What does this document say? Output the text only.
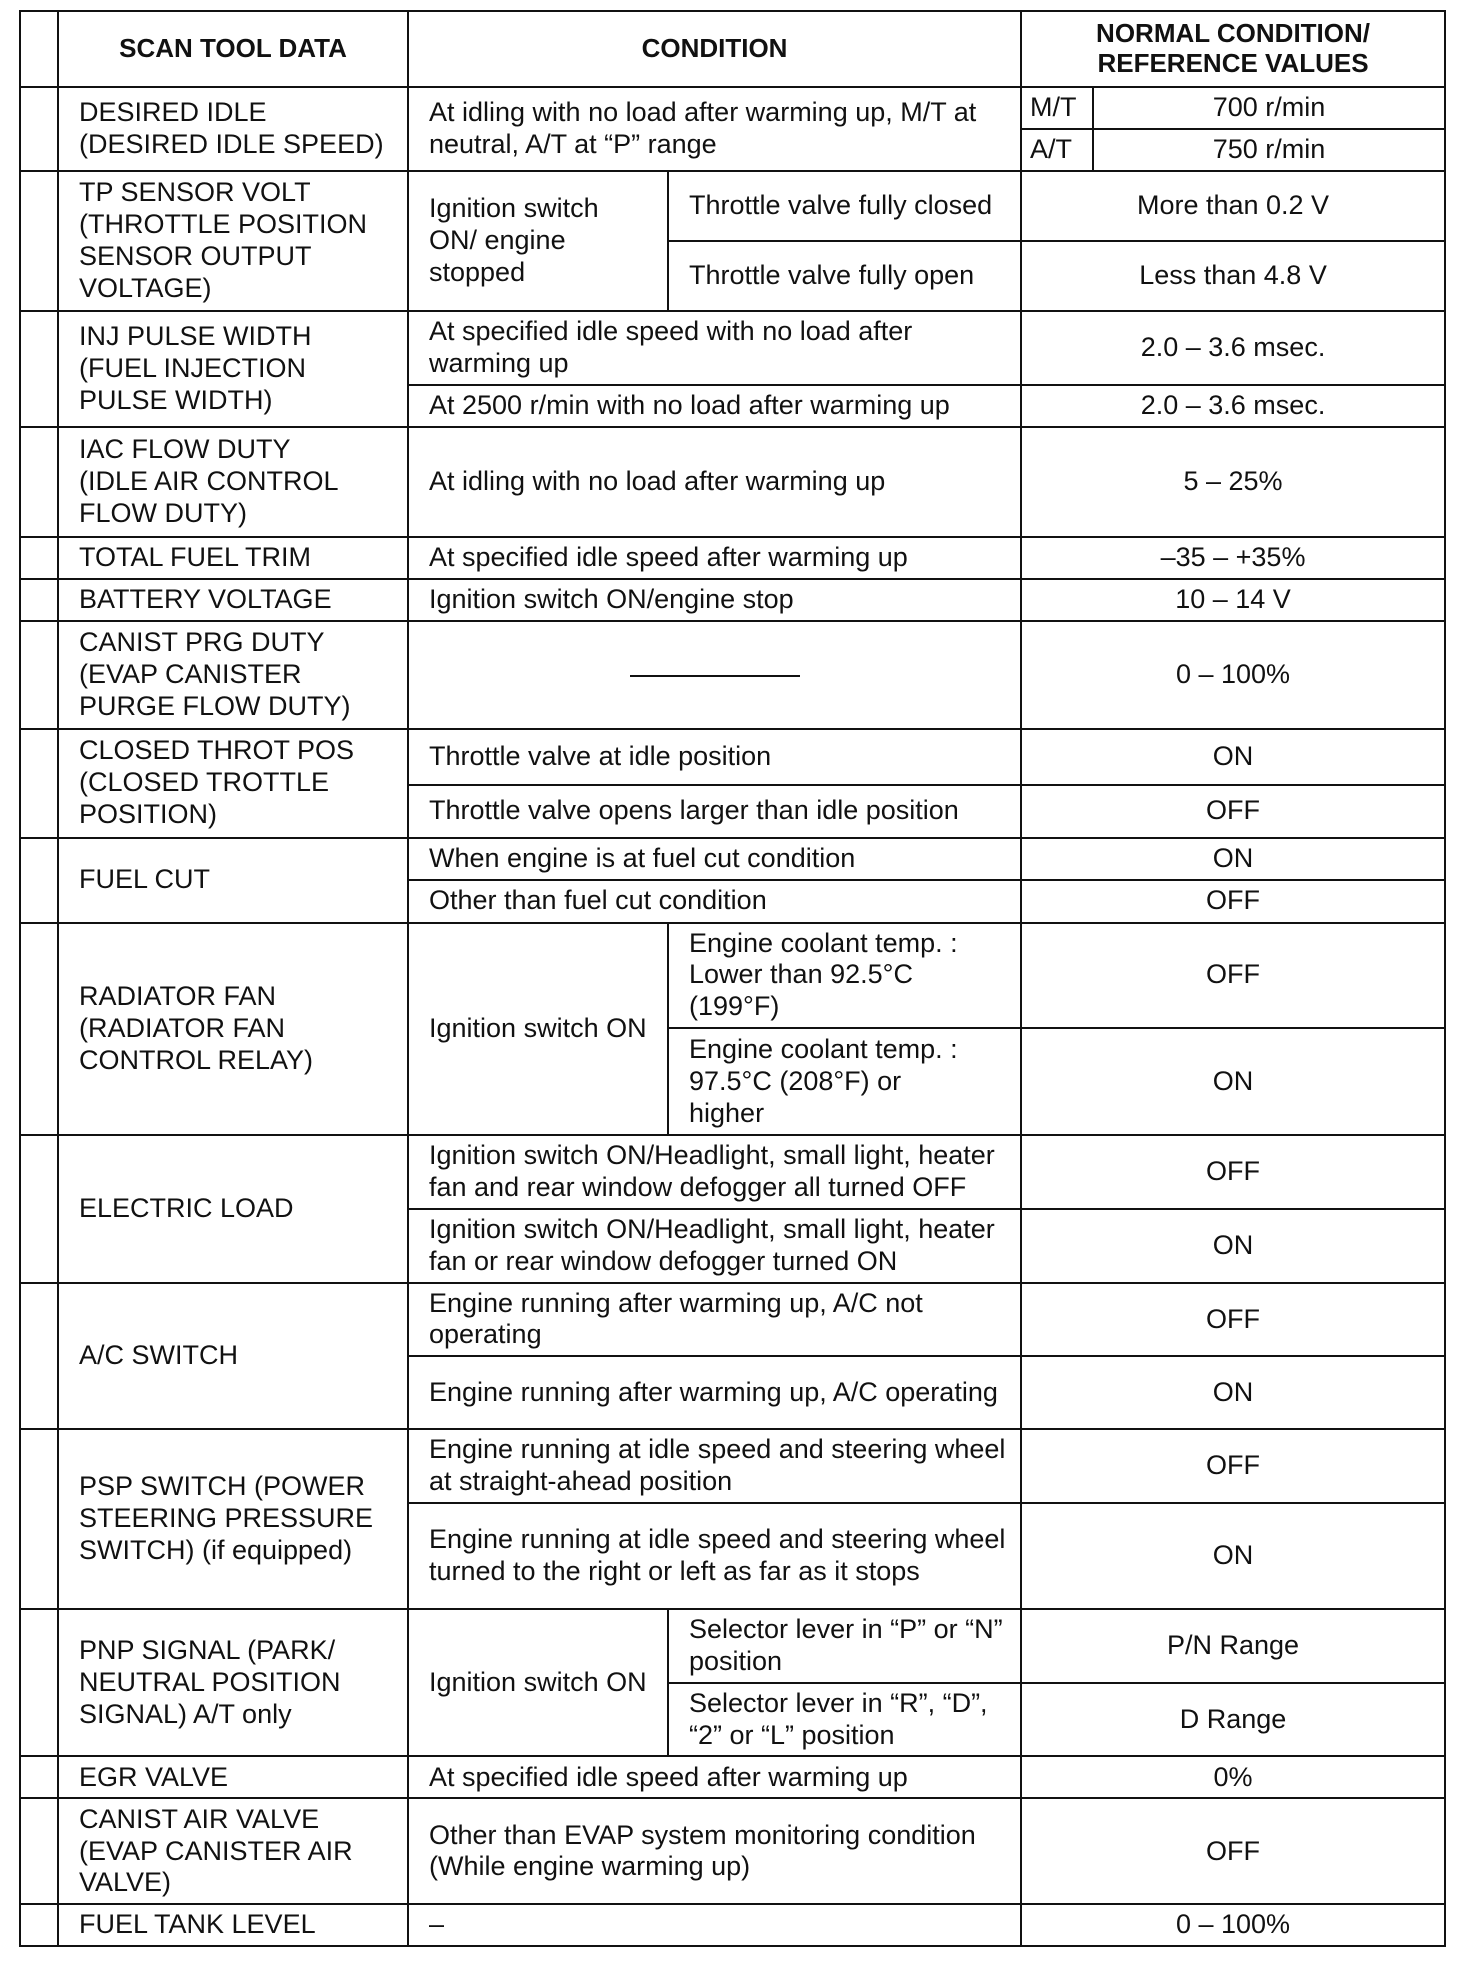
	SCAN TOOL DATA	CONDITION		NORMAL CONDITION/
REFERENCE VALUES	
	DESIRED IDLE
(DESIRED IDLE SPEED)	At idling with no load after warming up, M/T at neutral, A/T at “P” range		M/T	700 r/min
				A/T	750 r/min
	TP SENSOR VOLT
(THROTTLE POSITION
SENSOR OUTPUT
VOLTAGE)	Ignition switch
ON/ engine
stopped	Throttle valve fully closed	More than 0.2 V	
			Throttle valve fully open	Less than 4.8 V	
	INJ PULSE WIDTH
(FUEL INJECTION
PULSE WIDTH)	At specified idle speed with no load after warming up		2.0 – 3.6 msec.	
		At 2500 r/min with no load after warming up		2.0 – 3.6 msec.	
	IAC FLOW DUTY
(IDLE AIR CONTROL
FLOW DUTY)	At idling with no load after warming up		5 – 25%	
	TOTAL FUEL TRIM	At specified idle speed after warming up		–35 – +35%	
	BATTERY VOLTAGE	Ignition switch ON/engine stop		10 – 14 V	
	CANIST PRG DUTY
(EVAP CANISTER
PURGE FLOW DUTY)			0 – 100%	
	CLOSED THROT POS
(CLOSED TROTTLE
POSITION)	Throttle valve at idle position		ON	
		Throttle valve opens larger than idle position		OFF	
	FUEL CUT	When engine is at fuel cut condition		ON	
		Other than fuel cut condition		OFF	
	RADIATOR FAN
(RADIATOR FAN
CONTROL RELAY)	Ignition switch ON	Engine coolant temp. :
Lower than 92.5°C
(199°F)	OFF	
			Engine coolant temp. :
97.5°C (208°F) or
higher	ON	
	ELECTRIC LOAD	Ignition switch ON/Headlight, small light, heater fan and rear window defogger all turned OFF		OFF	
		Ignition switch ON/Headlight, small light, heater fan or rear window defogger turned ON		ON	
	A/C SWITCH	Engine running after warming up, A/C not operating		OFF	
		Engine running after warming up, A/C operating		ON	
	PSP SWITCH (POWER
STEERING PRESSURE
SWITCH) (if equipped)	Engine running at idle speed and steering wheel at straight-ahead position		OFF	
		Engine running at idle speed and steering wheel turned to the right or left as far as it stops		ON	
	PNP SIGNAL (PARK/
NEUTRAL POSITION
SIGNAL) A/T only	Ignition switch ON	Selector lever in “P” or “N” position	P/N Range	
			Selector lever in “R”, “D”, “2” or “L” position	D Range	
	EGR VALVE	At specified idle speed after warming up		0%	
	CANIST AIR VALVE
(EVAP CANISTER AIR
VALVE)	Other than EVAP system monitoring condition (While engine warming up)		OFF	
	FUEL TANK LEVEL	–		0 – 100%	
